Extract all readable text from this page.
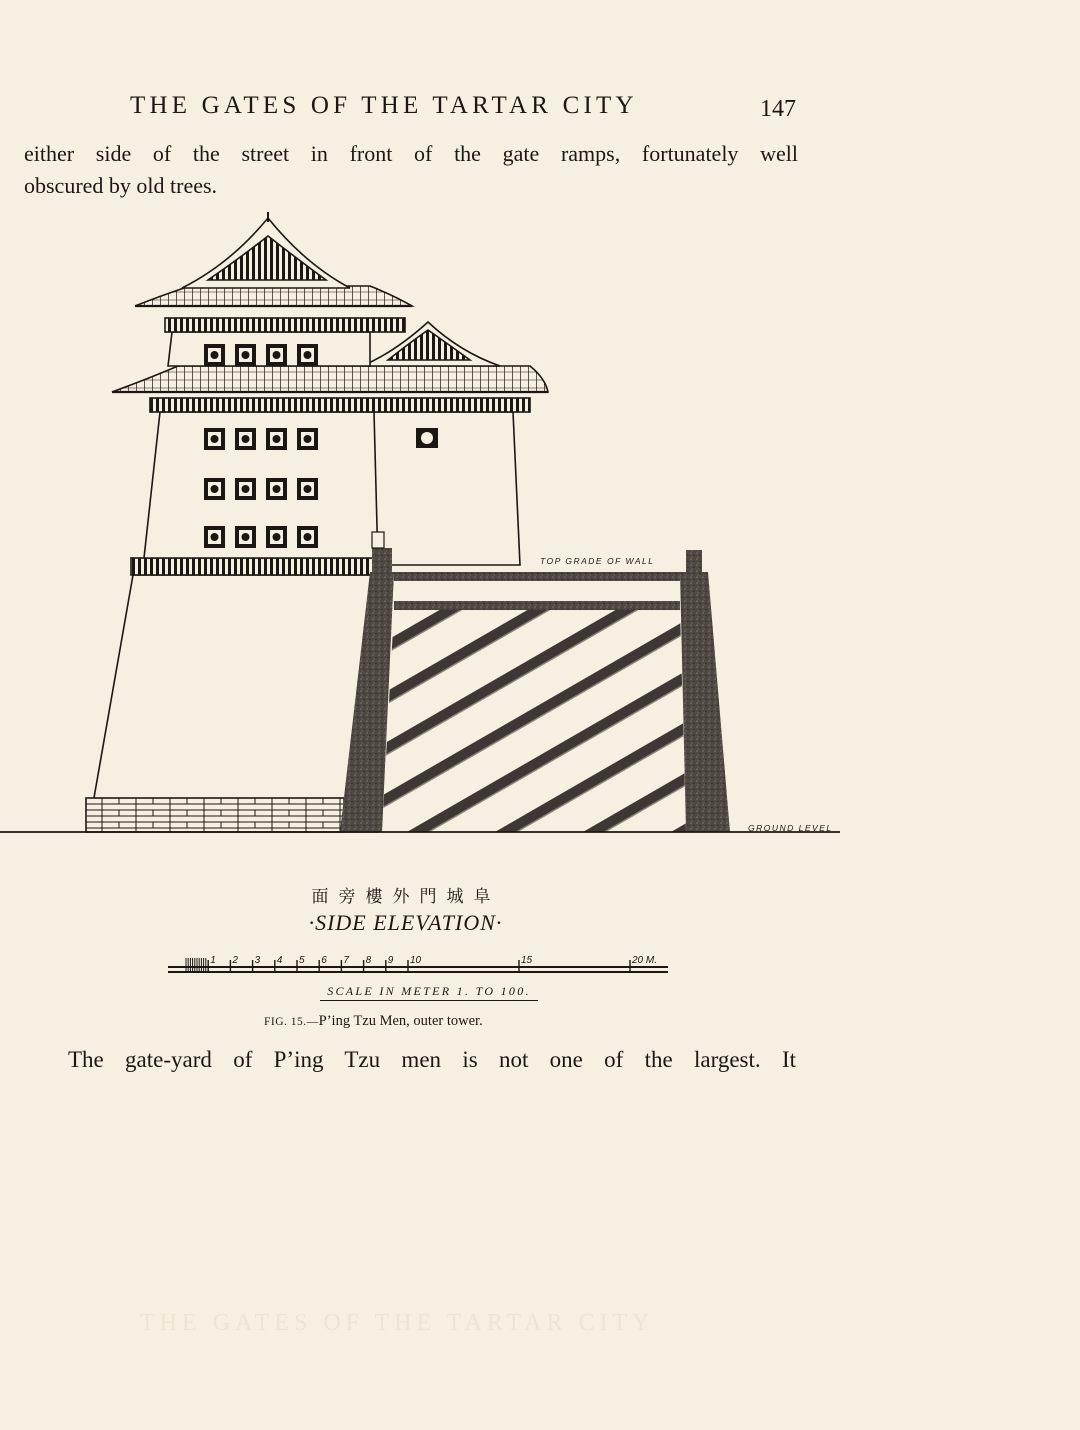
THE GATES OF THE TARTAR CITY	147

either side of the street in front of the gate ramps, fortunately well

obscured by old trees.

1 2 3 4 5 6 7 8 9 10	15	20 M.
TOP GRADE OF WALL
GROUND LEVEL
面旁樓外門城阜
·SIDE ELEVATION·
SCALE IN METER 1. TO 100.
FIG. 15.—P’ing Tzu Men, outer tower.

The gate-yard of P’ing Tzu men is not one of the largest. It

THE GATES OF THE TARTAR CITY
